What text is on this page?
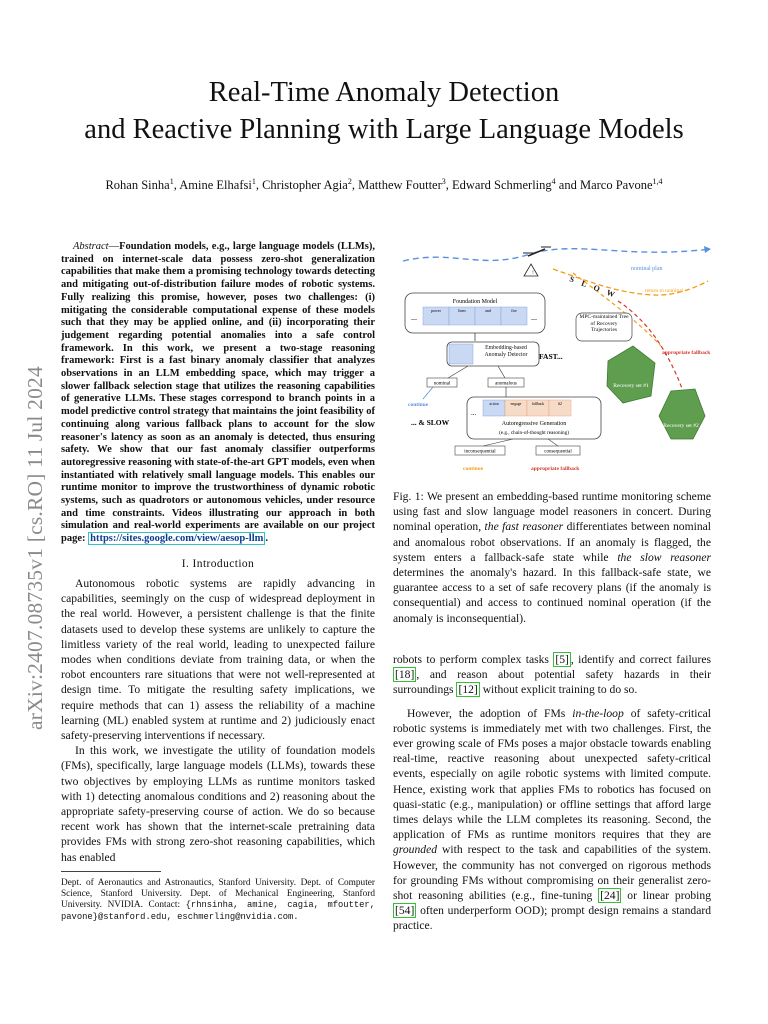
Real-Time Anomaly Detection
and Reactive Planning with Large Language Models
Rohan Sinha$^1$, Amine Elhafsi$^1$, Christopher Agia$^2$, Matthew Foutter$^3$, Edward Schmerling$^4$ and Marco Pavone$^{1,4}$
arXiv:2407.08735v1 [cs.RO] 11 Jul 2024
Abstract—Foundation models, e.g., large language models (LLMs), trained on internet-scale data possess zero-shot generalization capabilities that make them a promising technology towards detecting and mitigating out-of-distribution failure modes of robotic systems. Fully realizing this promise, however, poses two challenges: (i) mitigating the considerable computational expense of these models such that they may be applied online, and (ii) incorporating their judgement regarding potential anomalies into a safe control framework. In this work, we present a two-stage reasoning framework: First is a fast binary anomaly classifier that analyzes observations in an LLM embedding space, which may trigger a slower fallback selection stage that utilizes the reasoning capabilities of generative LLMs. These stages correspond to branch points in a model predictive control strategy that maintains the joint feasibility of continuing along various fallback plans to account for the slow reasoner's latency as soon as an anomaly is detected, thus ensuring safety. We show that our fast anomaly classifier outperforms autoregressive reasoning with state-of-the-art GPT models, even when instantiated with relatively small language models. This enables our runtime monitor to improve the trustworthiness of dynamic robotic systems, such as quadrotors or autonomous vehicles, under resource and time constraints. Videos illustrating our approach in both simulation and real-world experiments are available on our project page: https://sites.google.com/view/aesop-llm .
I. Introduction

Autonomous robotic systems are rapidly advancing in capabilities, seemingly on the cusp of widespread deployment in the real world. However, a persistent challenge is that the finite datasets used to develop these systems are unlikely to capture the limitless variety of the real world, leading to unexpected failure modes when conditions deviate from training data, or when the robot encounters rare situations that were not well-represented at design time. To mitigate the resulting safety implications, we require methods that can 1) assess the reliability of a machine learning (ML) enabled system at runtime and 2) judiciously enact safety-preserving interventions if necessary.

In this work, we investigate the utility of foundation models (FMs), specifically, large language models (LLMs), towards these two objectives by employing LLMs as runtime monitors tasked with 1) detecting anomalous conditions and 2) reasoning about the appropriate safety-preserving course of action. We do so because recent work has shown that the internet-scale pretraining data provides FMs with strong zero-shot reasoning capabilities, which has enabled

Dept. of Aeronautics and Astronautics, Stanford University. Dept. of Computer Science, Stanford University. Dept. of Mechanical Engineering, Stanford University. NVIDIA. Contact: {rhnsinha, amine, cagia, mfoutter, pavone}@stanford.edu, eschmerling@nvidia.com.
nominal plan
!
return to nominal
S L O W
appropriate fallback
Recovery set #1
Recovery set #2
MPC-maintained Tree of Recovery Trajectories
Foundation Model
...	...
power	lines	and	fire
Embedding-based Anomaly Detector	FAST...
nominal	anomalous
continue
... & SLOW
...
action	engage	fallback	#2
Autoregressive Generation
(e.g., chain-of-thought reasoning)
inconsequential	consequential
continue	appropriate fallback
Fig. 1: We present an embedding-based runtime monitoring scheme using fast and slow language model reasoners in concert. During nominal operation, the fast reasoner differentiates between nominal and anomalous robot observations. If an anomaly is flagged, the system enters a fallback-safe state while the slow reasoner determines the anomaly's hazard. In this fallback-safe state, we guarantee access to a set of safe recovery plans (if the anomaly is consequential) and access to continued nominal operation (if the anomaly is inconsequential).

robots to perform complex tasks [5] , identify and correct failures [18] , and reason about potential safety hazards in their surroundings [12] without explicit training to do so.

However, the adoption of FMs in-the-loop of safety-critical robotic systems is immediately met with two challenges. First, the ever growing scale of FMs poses a major obstacle towards enabling real-time, reactive reasoning about unexpected safety-critical events, especially on agile robotic systems with limited compute. Hence, existing work that applies FMs to robotics has focused on quasi-static (e.g., manipulation) or offline settings that afford large times delays while the LLM completes its reasoning. Second, the application of FMs as runtime monitors requires that they are grounded with respect to the task and capabilities of the system. However, the community has not converged on rigorous methods for grounding FMs without compromising on their generalist zero-shot reasoning abilities (e.g., fine-tuning [24] or linear probing [54] often underperform OOD); prompt design remains a standard practice.
